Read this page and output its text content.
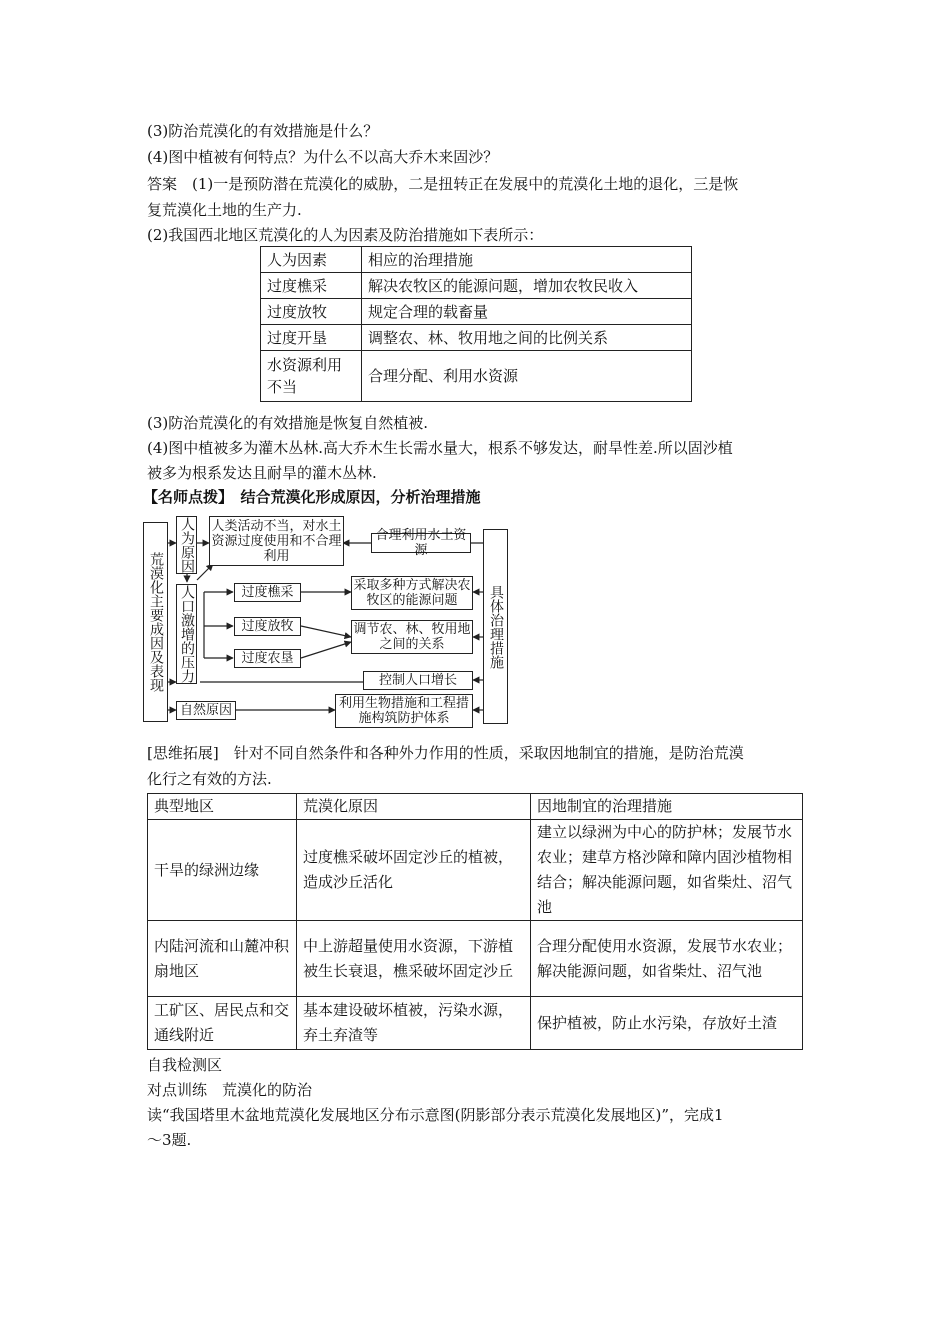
(3)防治荒漠化的有效措施是什么？
(4)图中植被有何特点？为什么不以高大乔木来固沙？
答案　(1)一是预防潜在荒漠化的威胁，二是扭转正在发展中的荒漠化土地的退化，三是恢
复荒漠化土地的生产力.
(2)我国西北地区荒漠化的人为因素及防治措施如下表所示：
人为因素	相应的治理措施
过度樵采	解决农牧区的能源问题，增加农牧民收入
过度放牧	规定合理的载畜量
过度开垦	调整农、林、牧用地之间的比例关系
水资源利用不当	合理分配、利用水资源
(3)防治荒漠化的有效措施是恢复自然植被.
(4)图中植被多为灌木丛林.高大乔木生长需水量大，根系不够发达，耐旱性差.所以固沙植
被多为根系发达且耐旱的灌木丛林.
【名师点拨】　结合荒漠化形成原因，分析治理措施
荒漠化主要成因及表现
人为原因 人类活动不当，对水土资源过度使用和不合理利用
人口激增的压力	过度樵采
过度放牧
过度农垦
自然原因
合理利用水土资源
采取多种方式解决农牧区的能源问题
调节农、林、牧用地之间的关系
控制人口增长
利用生物措施和工程措施构筑防护体系
具体治理措施
[思维拓展]　针对不同自然条件和各种外力作用的性质，采取因地制宜的措施，是防治荒漠
化行之有效的方法.
典型地区	荒漠化原因	因地制宜的治理措施
干旱的绿洲边缘	过度樵采破坏固定沙丘的植被，造成沙丘活化	建立以绿洲为中心的防护林；发展节水农业；建草方格沙障和障内固沙植物相结合；解决能源问题，如省柴灶、沼气池
内陆河流和山麓冲积扇地区	中上游超量使用水资源，下游植被生长衰退，樵采破坏固定沙丘	合理分配使用水资源，发展节水农业；解决能源问题，如省柴灶、沼气池
工矿区、居民点和交通线附近	基本建设破坏植被，污染水源，弃土弃渣等	保护植被，防止水污染，存放好土渣
自我检测区
对点训练　荒漠化的防治
读“我国塔里木盆地荒漠化发展地区分布示意图(阴影部分表示荒漠化发展地区)”，完成1
～3题.
